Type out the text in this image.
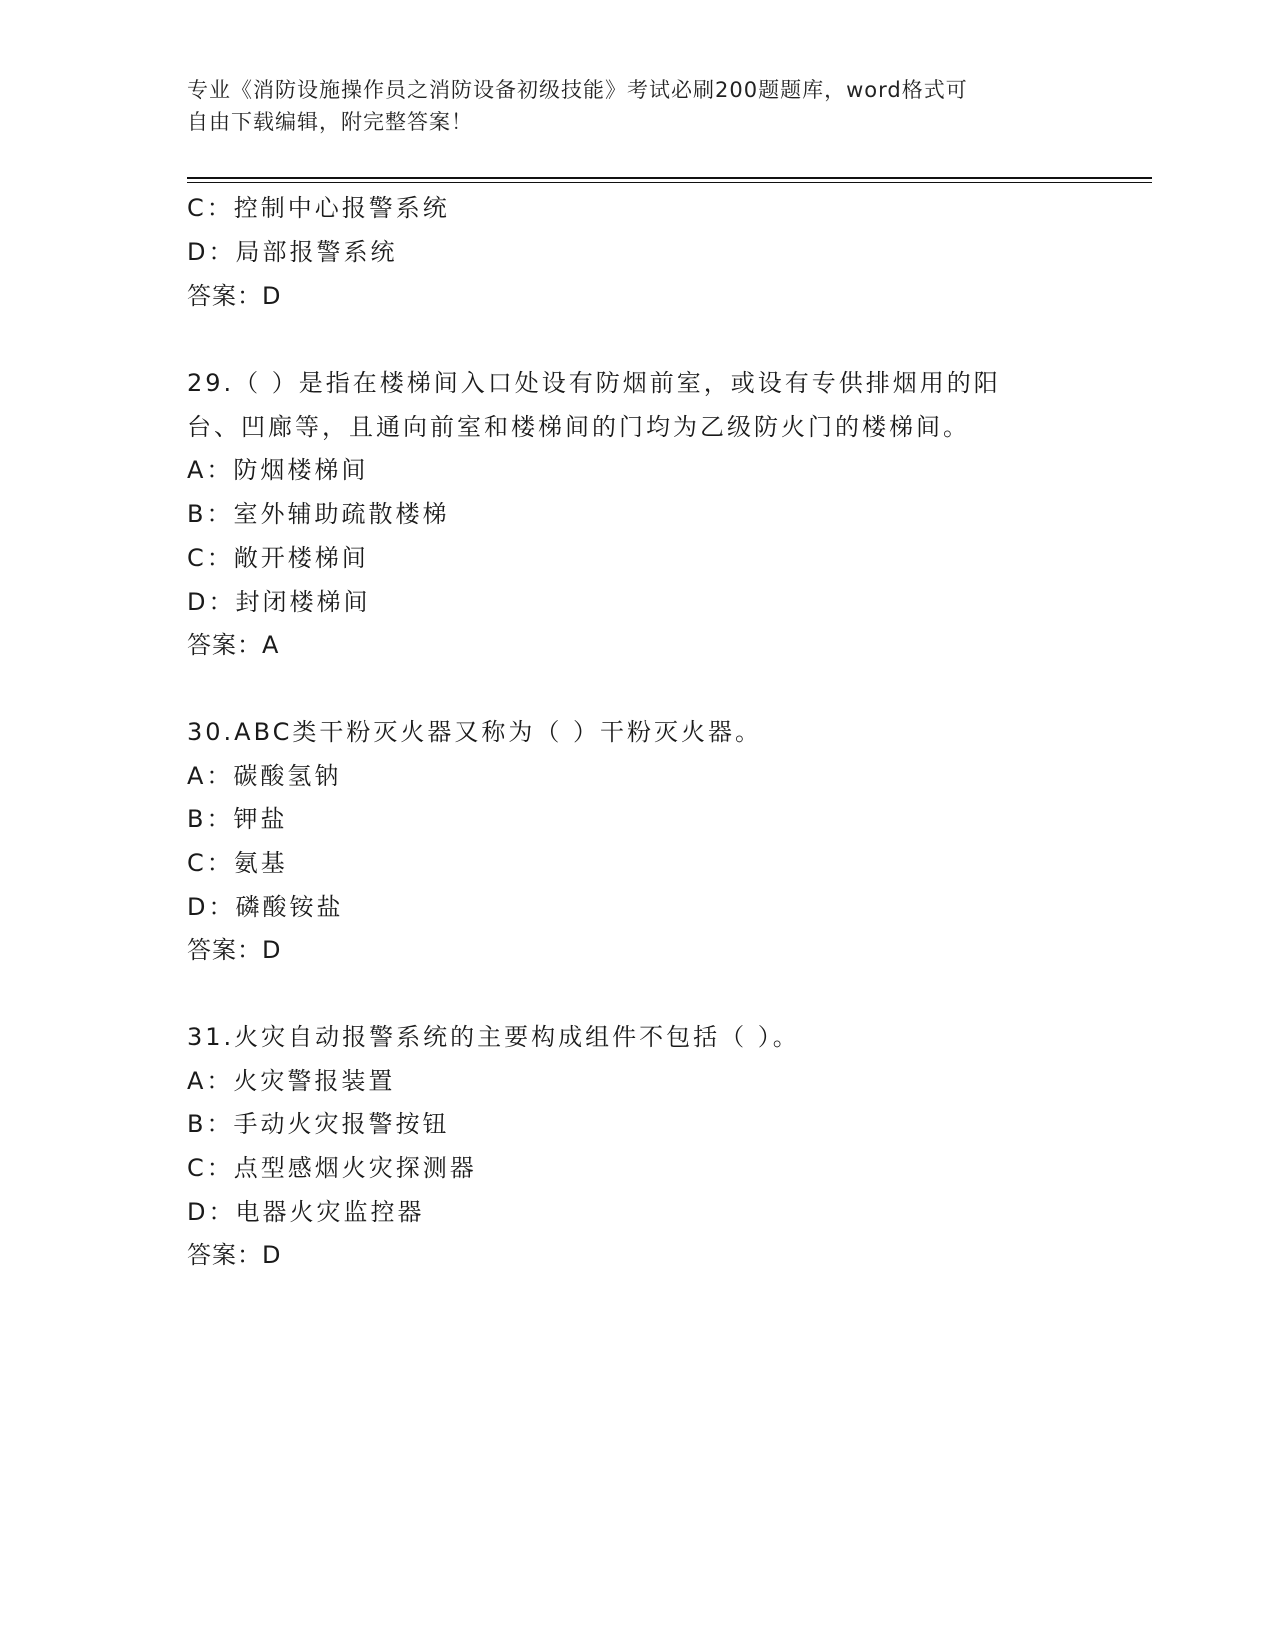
专业《消防设施操作员之消防设备初级技能》考试必刷200题题库，word格式可
自由下载编辑，附完整答案！
C：控制中心报警系统
D：局部报警系统
答案：D
29.（ ）是指在楼梯间入口处设有防烟前室，或设有专供排烟用的阳
台、凹廊等，且通向前室和楼梯间的门均为乙级防火门的楼梯间。
A：防烟楼梯间
B：室外辅助疏散楼梯
C：敞开楼梯间
D：封闭楼梯间
答案：A
30.ABC类干粉灭火器又称为（ ）干粉灭火器。
A：碳酸氢钠
B：钾盐
C：氨基
D：磷酸铵盐
答案：D
31.火灾自动报警系统的主要构成组件不包括（ ）。
A：火灾警报装置
B：手动火灾报警按钮
C：点型感烟火灾探测器
D：电器火灾监控器
答案：D
